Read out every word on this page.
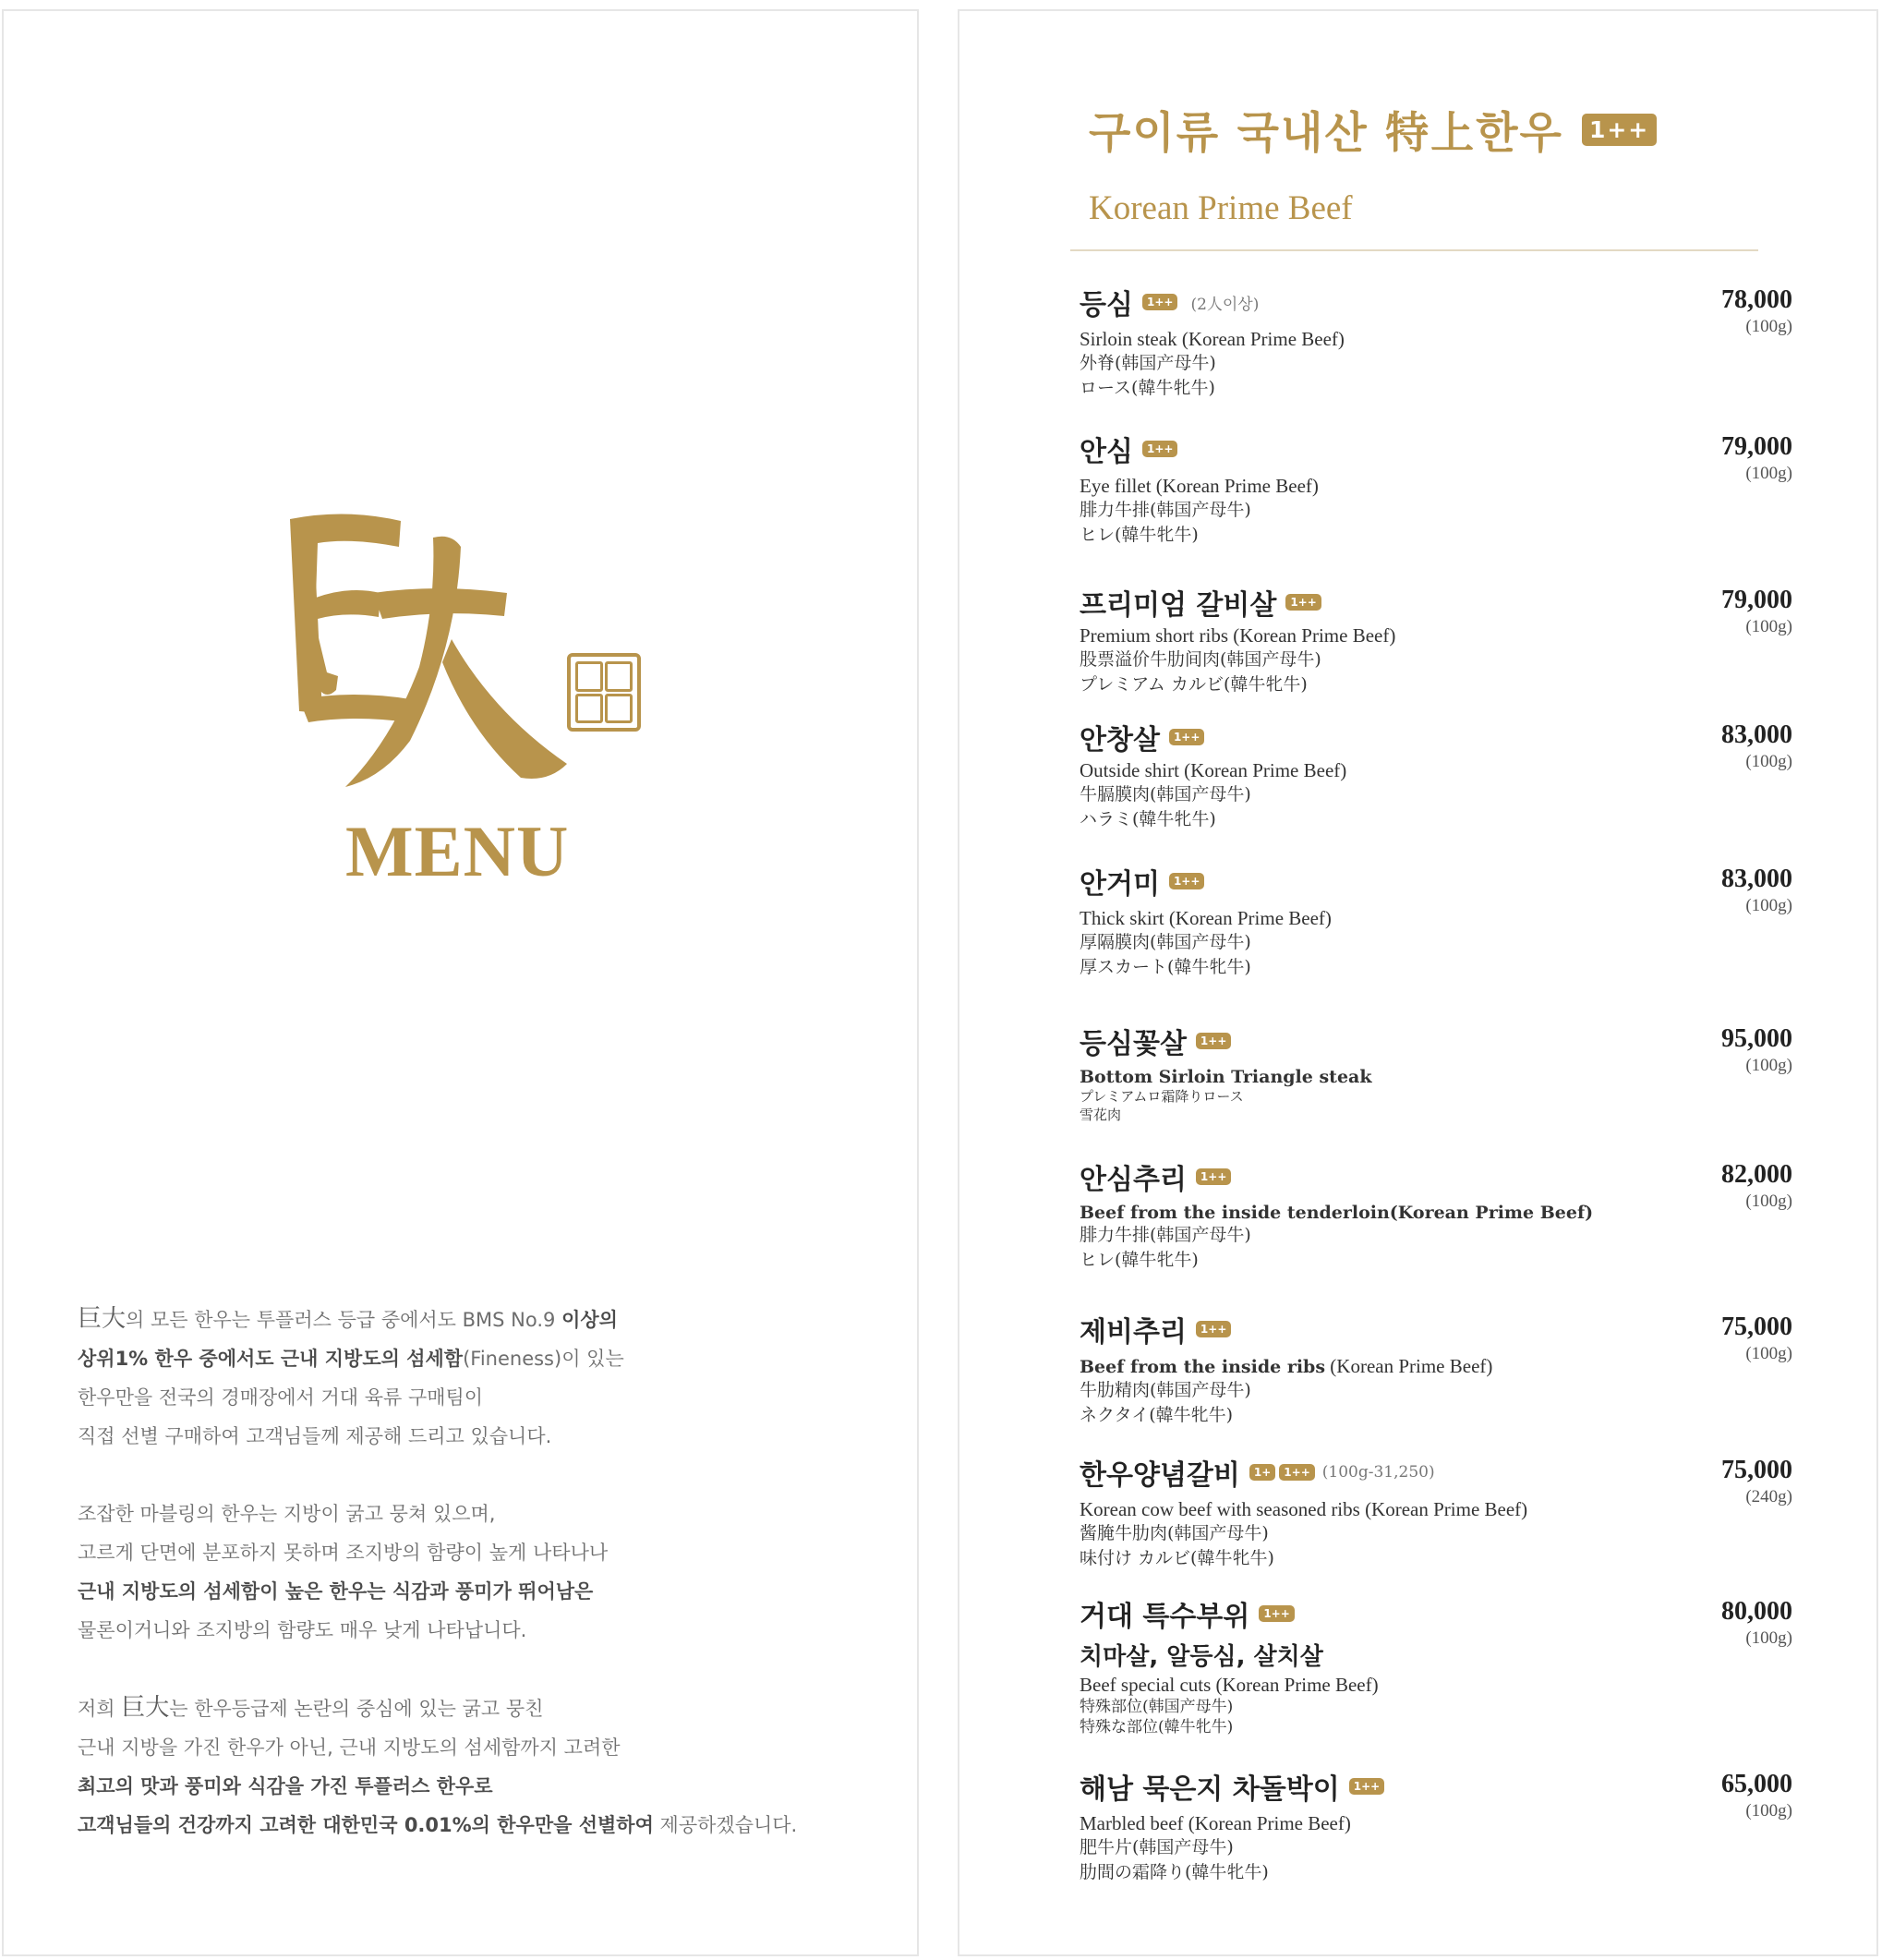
MENU

巨大의 모든 한우는 투플러스 등급 중에서도 BMS No.9 이상의

상위1% 한우 중에서도 근내 지방도의 섬세함(Fineness)이 있는

한우만을 전국의 경매장에서 거대 육류 구매팀이

직접 선별 구매하여 고객님들께 제공해 드리고 있습니다.

조잡한 마블링의 한우는 지방이 굵고 뭉쳐 있으며,

고르게 단면에 분포하지 못하며 조지방의 함량이 높게 나타나나

근내 지방도의 섬세함이 높은 한우는 식감과 풍미가 뛰어남은

물론이거니와 조지방의 함량도 매우 낮게 나타납니다.

저희 巨大는 한우등급제 논란의 중심에 있는 굵고 뭉친

근내 지방을 가진 한우가 아닌, 근내 지방도의 섬세함까지 고려한

최고의 맛과 풍미와 식감을 가진 투플러스 한우로

고객님들의 건강까지 고려한 대한민국 0.01%의 한우만을 선별하여 제공하겠습니다.

구이류 국내산 特上한우	1++
Korean Prime Beef
등심	1++ (2人이상)
Sirloin steak (Korean Prime Beef)
外脊(韩国产母牛)
ロース(韓牛牝牛)
78,000
(100g)
안심	1++
Eye fillet (Korean Prime Beef)
腓力牛排(韩国产母牛)
ヒレ(韓牛牝牛)
79,000
(100g)
프리미엄 갈비살	1++
Premium short ribs (Korean Prime Beef)
股票溢价牛肋间肉(韩国产母牛)
プレミアム カルビ(韓牛牝牛)
79,000
(100g)
안창살	1++
Outside shirt (Korean Prime Beef)
牛膈膜肉(韩国产母牛)
ハラミ(韓牛牝牛)
83,000
(100g)
안거미	1++
Thick skirt (Korean Prime Beef)
厚隔膜肉(韩国产母牛)
厚スカート(韓牛牝牛)
83,000
(100g)
등심꽃살	1++
Bottom Sirloin Triangle steak
プレミアムロ霜降りロース
雪花肉
95,000
(100g)
안심추리	1++
Beef from the inside tenderloin(Korean Prime Beef)
腓力牛排(韩国产母牛)
ヒレ(韓牛牝牛)
82,000
(100g)
제비추리	1++
Beef from the inside ribs (Korean Prime Beef)
牛肋精肉(韩国产母牛)
ネクタイ(韓牛牝牛)
75,000
(100g)
한우양념갈비	1+	1++ (100g-31,250)
Korean cow beef with seasoned ribs (Korean Prime Beef)
酱腌牛肋肉(韩国产母牛)
味付け カルビ(韓牛牝牛)
75,000
(240g)
거대 특수부위	1++
치마살, 알등심, 살치살
Beef special cuts (Korean Prime Beef)
特殊部位(韩国产母牛)
特殊な部位(韓牛牝牛)
80,000
(100g)
해남 묵은지 차돌박이	1++
Marbled beef (Korean Prime Beef)
肥牛片(韩国产母牛)
肋間の霜降り(韓牛牝牛)
65,000
(100g)
